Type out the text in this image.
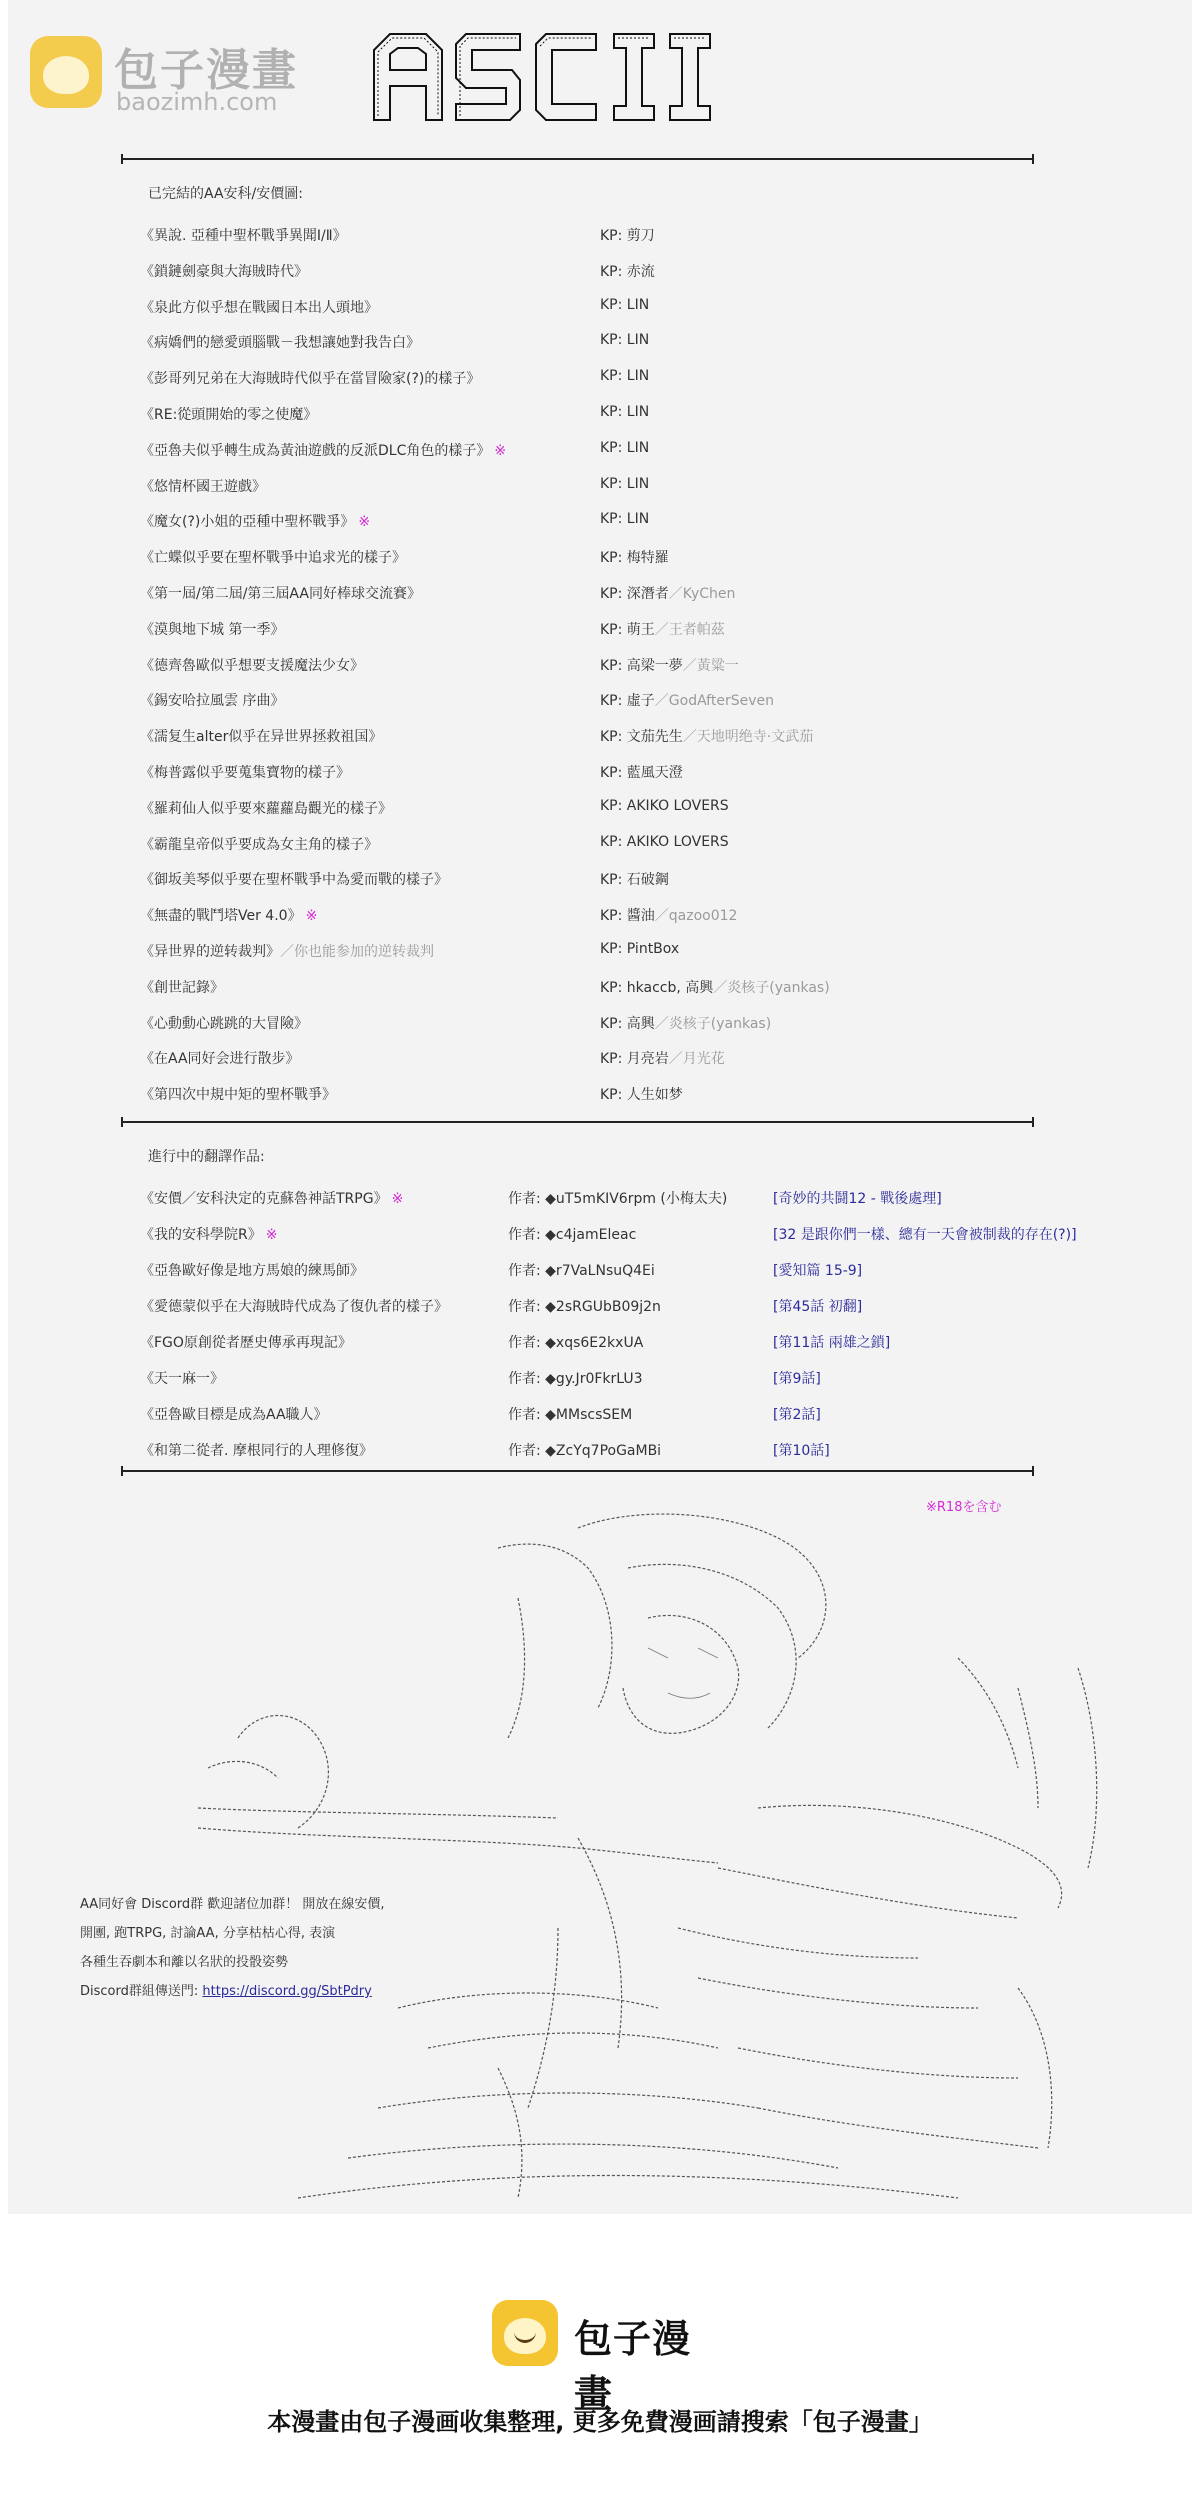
包子漫畫
baozimh.com
已完結的AA安科/安價圖:
《異說. 亞種中聖杯戰爭異聞Ⅰ/Ⅱ》	KP: 剪刀
《鎖鏈劍豪與大海賊時代》	KP: 赤流
《泉此方似乎想在戰國日本出人頭地》	KP: LIN
《病嬌們的戀愛頭腦戰－我想讓她對我告白》	KP: LIN
《彭哥列兄弟在大海賊時代似乎在當冒險家(?)的樣子》	KP: LIN
《RE:從頭開始的零之使魔》	KP: LIN
《亞魯夫似乎轉生成為黃油遊戲的反派DLC角色的樣子》 ※	KP: LIN
《悠情杯國王遊戲》	KP: LIN
《魔女(?)小姐的亞種中聖杯戰爭》 ※	KP: LIN
《亡蝶似乎要在聖杯戰爭中追求光的樣子》	KP: 梅特羅
《第一屆/第二屆/第三屆AA同好棒球交流賽》	KP: 深潛者／KyChen
《漠與地下城 第一季》	KP: 萌王／王者帕茲
《德齊魯歐似乎想要支援魔法少女》	KP: 高梁一夢／黃粱一
《錫安哈拉風雲 序曲》	KP: 虛子／GodAfterSeven
《濡复生alter似乎在异世界拯救祖国》	KP: 文茄先生／天地明绝寺·文武茄
《梅普露似乎要蒐集寶物的樣子》	KP: 藍風天澄
《羅莉仙人似乎要來蘿蘿島觀光的樣子》	KP: AKIKO LOVERS
《霸龍皇帝似乎要成為女主角的樣子》	KP: AKIKO LOVERS
《御坂美琴似乎要在聖杯戰爭中為愛而戰的樣子》	KP: 石破鋼
《無盡的戰鬥塔Ver 4.0》 ※	KP: 醬油／qazoo012
《异世界的逆转裁判》／你也能参加的逆转裁判	KP: PintBox
《創世記錄》	KP: hkaccb, 高興／炎核子(yankas)
《心動動心跳跳的大冒險》	KP: 高興／炎核子(yankas)
《在AA同好会进行散步》	KP: 月亮岩／月光花
《第四次中規中矩的聖杯戰爭》	KP: 人生如梦
進行中的翻譯作品:
《安價／安科決定的克蘇魯神話TRPG》 ※	作者: ◆uT5mKIV6rpm (小梅太夫)	[奇妙的共鬪12 - 戰後處理]
《我的安科學院R》 ※	作者: ◆c4jamEleac	[32 是跟你們一樣、總有一天會被制裁的存在(?)]
《亞魯歐好像是地方馬娘的練馬師》	作者: ◆r7VaLNsuQ4Ei	[愛知篇 15-9]
《愛德蒙似乎在大海賊時代成為了復仇者的樣子》	作者: ◆2sRGUbB09j2n	[第45話 初翻]
《FGO原創從者歷史傳承再現記》	作者: ◆xqs6E2kxUA	[第11話 兩雄之鎖]
《天一麻一》	作者: ◆gy.Jr0FkrLU3	[第9話]
《亞魯歐目標是成為AA職人》	作者: ◆MMscsSEM	[第2話]
《和第二從者. 摩根同行的人理修復》	作者: ◆ZcYq7PoGaMBi	[第10話]
※R18を含む
AA同好會 Discord群 歡迎諸位加群！ 開放在線安價,
開團, 跑TRPG, 討論AA, 分享枯枯心得, 表演
各種生吞劇本和離以名狀的投骰姿勢
Discord群組傳送門: https://discord.gg/SbtPdry
包子漫畫
本漫畫由包子漫画收集整理, 更多免費漫画請搜索「包子漫畫」
